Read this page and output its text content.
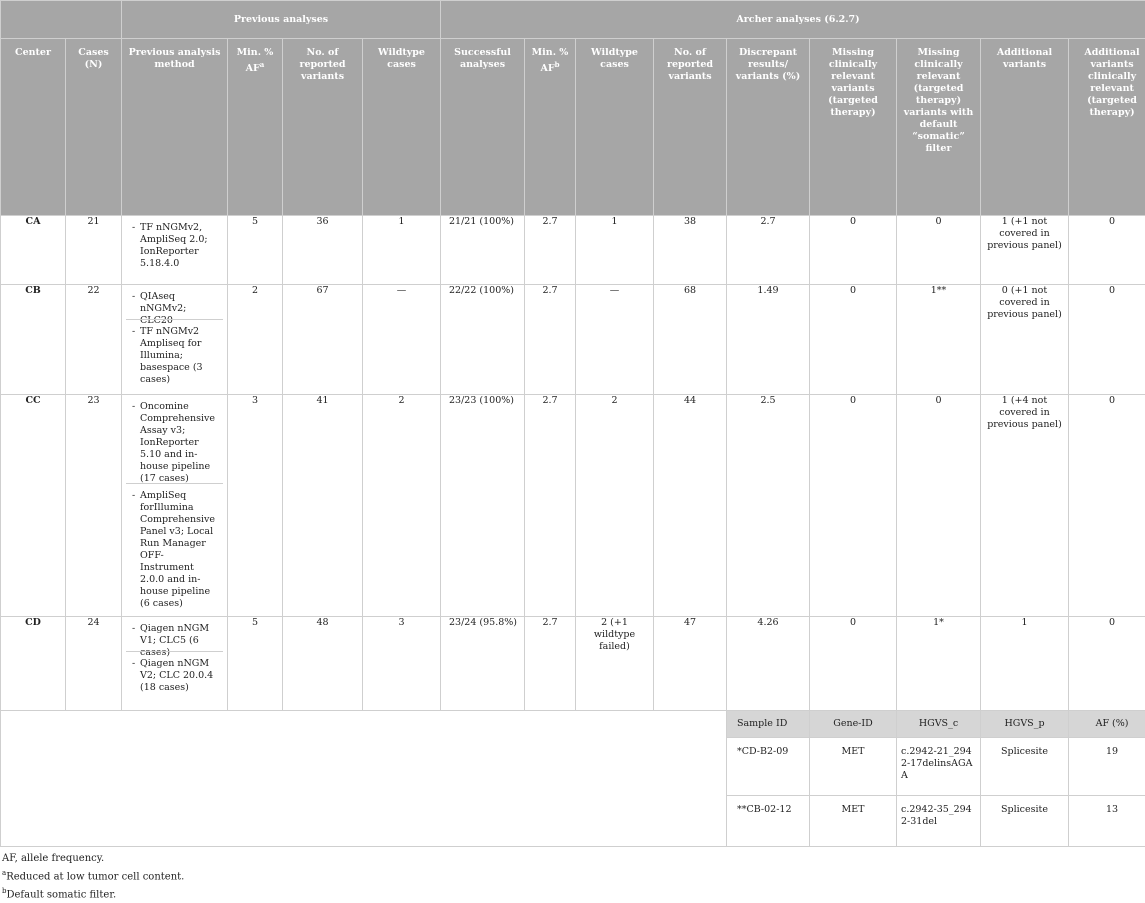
		Previous analyses				Archer analyses (6.2.7)								
Center	Cases (N)	Previous analysis method	Min. % $AF^a$	No. of reported variants	Wildtype cases	Successful analyses	Min. % $AF^b$	Wildtype cases	No. of reported variants	Discrepant results/ variants (%)	Missing clinically relevant variants (targeted therapy)	Missing clinically relevant (targeted therapy) variants with default “somatic” filter	Additional variants	Additional variants clinically relevant (targeted therapy)
CA	21	- TF nNGMv2, AmpliSeq 2.0; IonReporter 5.18.4.0	5	36	1	21/21 (100%)	2.7	1	38	2.7	0	0	1 (+1 not covered in previous panel)	0
CB	22	- QIAseq nNGMv2; CLC20
- TF nNGMv2 Ampliseq for Illumina; basespace (3 cases)	2	67	—	22/22 (100%)	2.7	—	68	1.49	0	1**	0 (+1 not covered in previous panel)	0
CC	23	- Oncomine Comprehensive Assay v3; IonReporter 5.10 and in-house pipeline (17 cases)
- AmpliSeq forIllumina Comprehensive Panel v3; Local Run Manager OFF-Instrument 2.0.0 and in-house pipeline (6 cases)	3	41	2	23/23 (100%)	2.7	2	44	2.5	0	0	1 (+4 not covered in previous panel)	0
CD	24	- Qiagen nNGM V1; CLC5 (6 cases)
- Qiagen nNGM V2; CLC 20.0.4 (18 cases)	5	48	3	23/24 (95.8%)	2.7	2 (+1 wildtype failed)	47	4.26	0	1*	1	0
										Sample ID	Gene-ID	HGVS_c	HGVS_p	AF (%)
										*CD-B2-09	MET	c.2942-21_2942-17delinsAGAA	Splicesite	19
										**CB-02-12	MET	c.2942-35_2942-31del	Splicesite	13
AF, allele frequency.
$^a$Reduced at low tumor cell content.
$^b$Default somatic filter.
